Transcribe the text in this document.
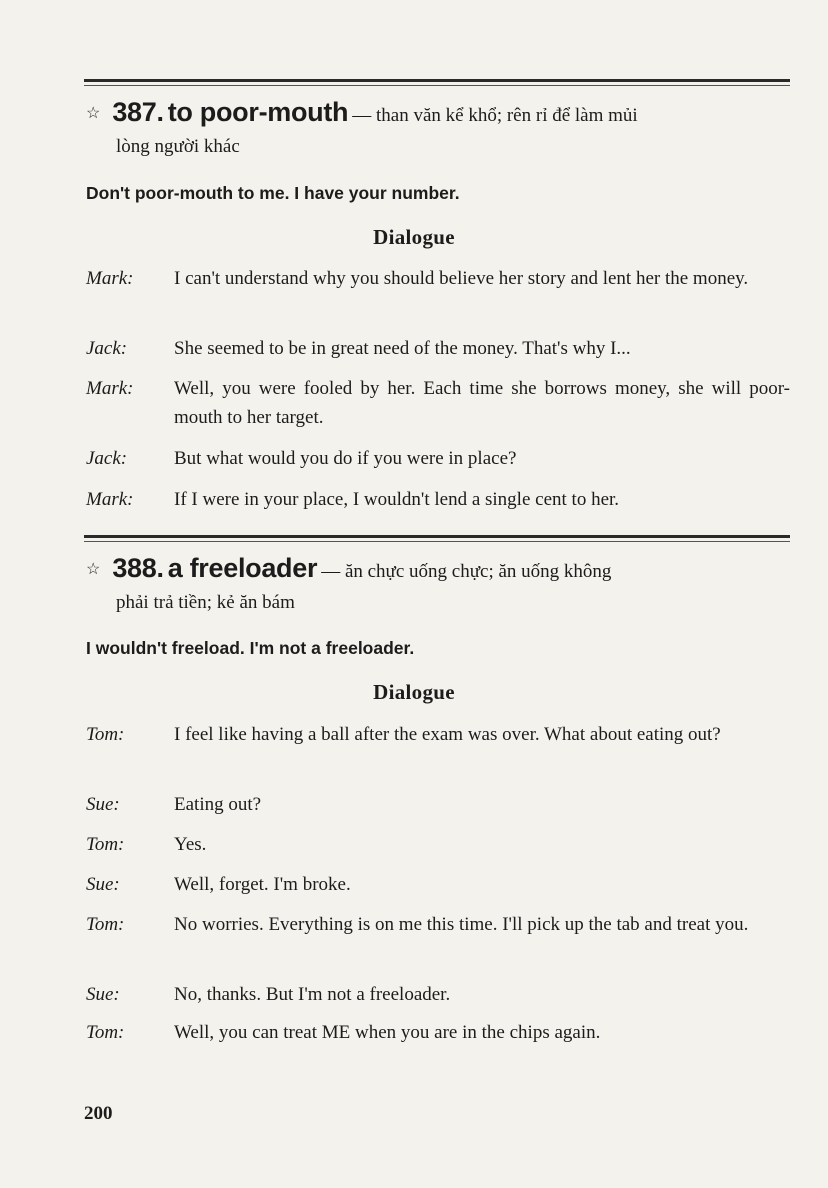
☆ 387. to poor-mouth — than văn kể khổ; rên rỉ để làm mủi
lòng người khác
Don't poor-mouth to me. I have your number.
Dialogue
Mark: I can't understand why you should believe her story and lent her the money.
Jack: She seemed to be in great need of the money. That's why I...
Mark: Well, you were fooled by her. Each time she borrows money, she will poor-mouth to her target.
Jack: But what would you do if you were in place?
Mark: If I were in your place, I wouldn't lend a single cent to her.
☆ 388. a freeloader — ăn chực uống chực; ăn uống không
phải trả tiền; kẻ ăn bám
I wouldn't freeload. I'm not a freeloader.
Dialogue
Tom:	I feel like having a ball after the exam was over. What about eating out?
Sue:	Eating out?
Tom:	Yes.
Sue:	Well, forget. I'm broke.
Tom:	No worries. Everything is on me this time. I'll pick up the tab and treat you.
Sue:	No, thanks. But I'm not a freeloader.
Tom:	Well, you can treat ME when you are in the chips again.
200
